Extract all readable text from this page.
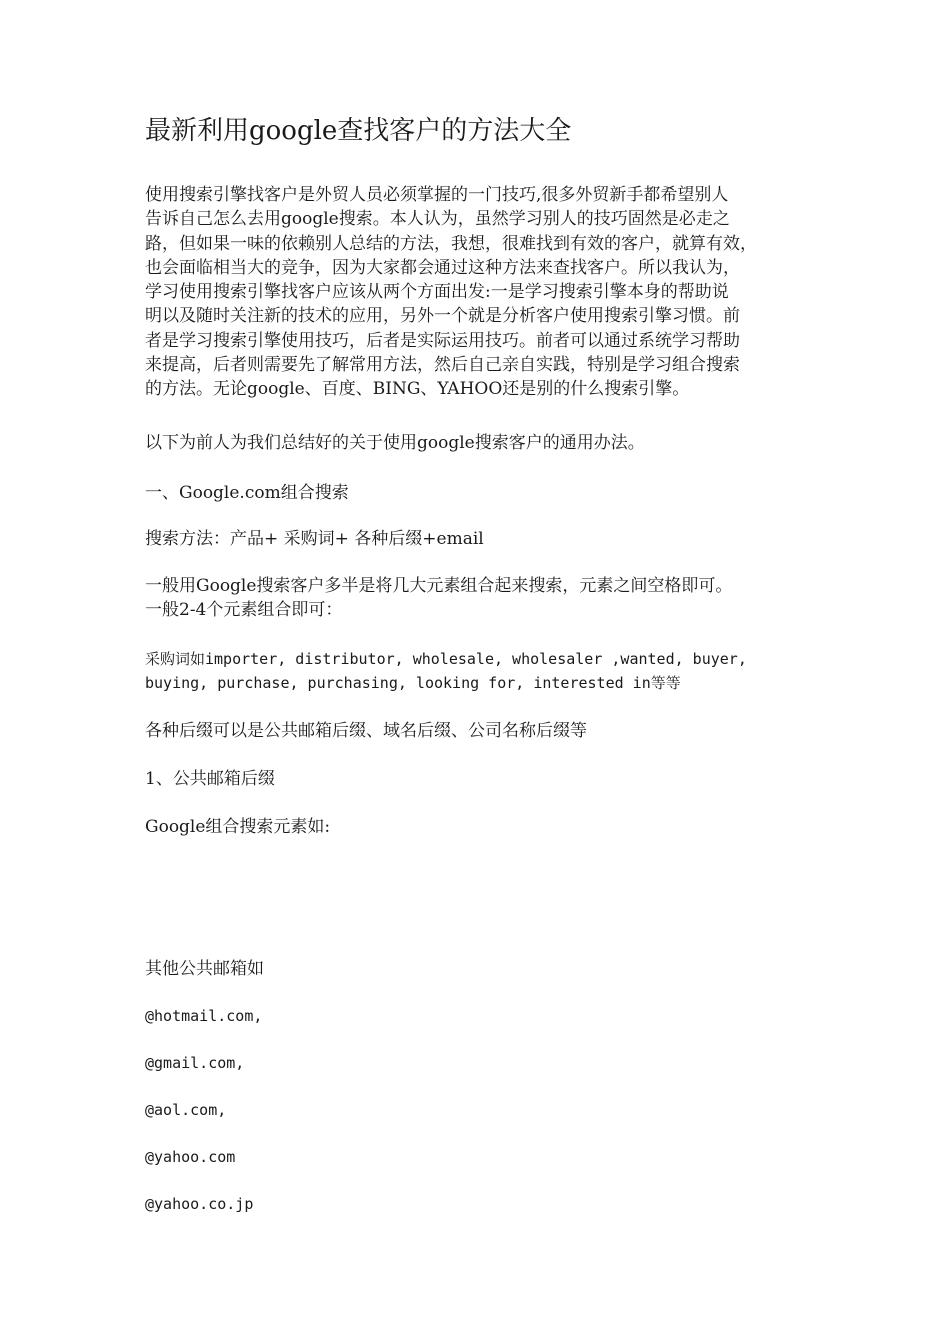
最新利用google查找客户的方法大全
使用搜索引擎找客户是外贸人员必须掌握的一门技巧,很多外贸新手都希望别人
告诉自己怎么去用google搜索。本人认为，虽然学习别人的技巧固然是必走之
路，但如果一味的依赖别人总结的方法，我想，很难找到有效的客户，就算有效，
也会面临相当大的竞争，因为大家都会通过这种方法来查找客户。所以我认为，
学习使用搜索引擎找客户应该从两个方面出发:一是学习搜索引擎本身的帮助说
明以及随时关注新的技术的应用，另外一个就是分析客户使用搜索引擎习惯。前
者是学习搜索引擎使用技巧，后者是实际运用技巧。前者可以通过系统学习帮助
来提高，后者则需要先了解常用方法，然后自己亲自实践，特别是学习组合搜索
的方法。无论google、百度、BING、YAHOO还是别的什么搜索引擎。

以下为前人为我们总结好的关于使用google搜索客户的通用办法。

一、Google.com组合搜索

搜索方法：产品+ 采购词+ 各种后缀+email

一般用Google搜索客户多半是将几大元素组合起来搜索，元素之间空格即可。
一般2-4个元素组合即可：
采购词如importer, distributor, wholesale, wholesaler ,wanted, buyer,
buying, purchase, purchasing, looking for, interested in等等

各种后缀可以是公共邮箱后缀、域名后缀、公司名称后缀等

1、公共邮箱后缀

Google组合搜索元素如:

其他公共邮箱如

@hotmail.com,

@gmail.com,

@aol.com,

@yahoo.com

@yahoo.co.jp
